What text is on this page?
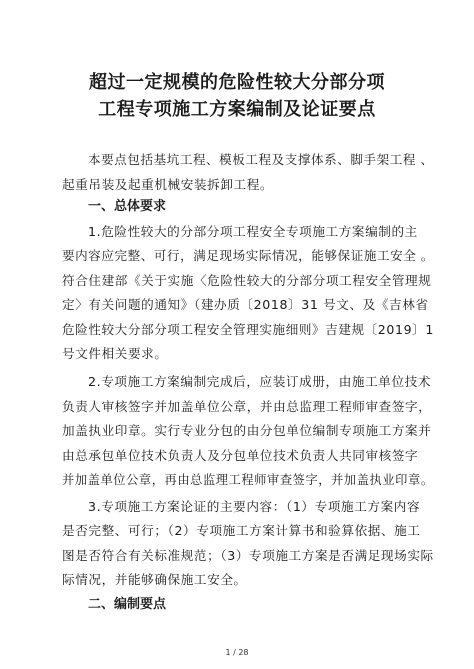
超过一定规模的危险性较大分部分项
工程专项施工方案编制及论证要点
本要点包括基坑工程、模板工程及支撑体系、脚手架工程 、
起重吊装及起重机械安装拆卸工程。
一、总体要求
1.危险性较大的分部分项工程安全专项施工方案编制的主
要内容应完整、可行，满足现场实际情况，能够保证施工安全 。
符合住建部《关于实施〈危险性较大的分部分项工程安全管理规
定〉有关问题的通知》（建办质〔2018〕31 号文、及《吉林省
危险性较大分部分项工程安全管理实施细则》吉建规〔2019〕1
号文件相关要求。
2.专项施工方案编制完成后，应装订成册，由施工单位技术
负责人审核签字并加盖单位公章，并由总监理工程师审查签字，
加盖执业印章。实行专业分包的由分包单位编制专项施工方案并
由总承包单位技术负责人及分包单位技术负责人共同审核签字
并加盖单位公章，再由总监理工程师审查签字，并加盖执业印章。
3.专项施工方案论证的主要内容：（1）专项施工方案内容
是否完整、可行；（2）专项施工方案计算书和验算依据、施工
图是否符合有关标准规范；（3）专项施工方案是否满足现场实际
际情况，并能够确保施工安全。
二、编制要点
1 / 28
